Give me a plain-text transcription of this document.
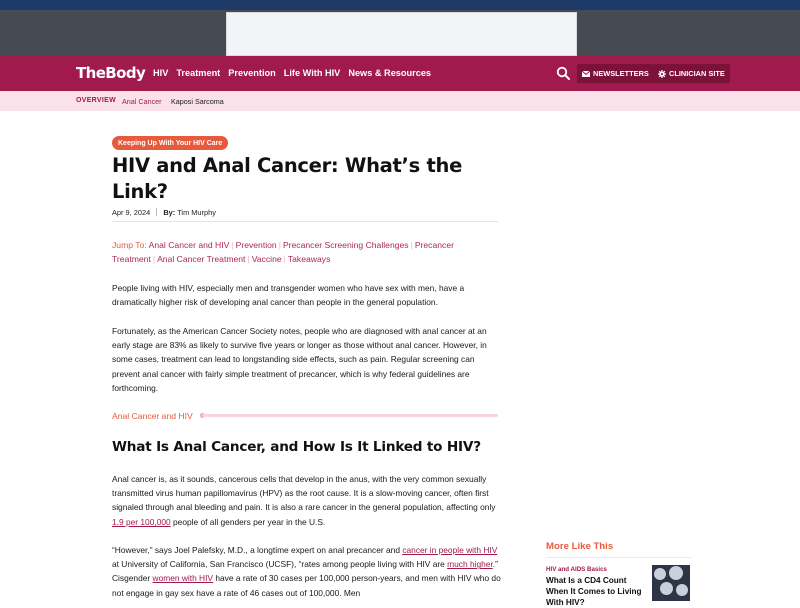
TheBody HIV Treatment Prevention Life With HIV News & Resources	NEWSLETTERS	CLINICIAN SITE
OVERVIEW Anal Cancer Kaposi Sarcoma
Keeping Up With Your HIV Care
HIV and Anal Cancer: What’s the Link?
Apr 9, 2024 By: Tim Murphy
Jump To: Anal Cancer and HIV | Prevention | Precancer Screening Challenges | Precancer Treatment | Anal Cancer Treatment | Vaccine | Takeaways

People living with HIV, especially men and transgender women who have sex with men, have a dramatically higher risk of developing anal cancer than people in the general population.

Fortunately, as the American Cancer Society notes, people who are diagnosed with anal cancer at an early stage are 83% as likely to survive five years or longer as those without anal cancer. However, in some cases, treatment can lead to longstanding side effects, such as pain. Regular screening can prevent anal cancer with fairly simple treatment of precancer, which is why federal guidelines are forthcoming.

Anal Cancer and HIV
What Is Anal Cancer, and How Is It Linked to HIV?

Anal cancer is, as it sounds, cancerous cells that develop in the anus, with the very common sexually transmitted virus human papillomavirus (HPV) as the root cause. It is a slow-moving cancer, often first signaled through anal bleeding and pain. It is also a rare cancer in the general population, affecting only 1.9 per 100,000 people of all genders per year in the U.S.

“However,” says Joel Palefsky, M.D., a longtime expert on anal precancer and cancer in people with HIV at University of California, San Francisco (UCSF), “rates among people living with HIV are much higher.” Cisgender women with HIV have a rate of 30 cases per 100,000 person-years, and men with HIV who do not engage in gay sex have a rate of 46 cases out of 100,000. Men

More Like This
HIV and AIDS Basics
What Is a CD4 Count When It Comes to Living With HIV?
